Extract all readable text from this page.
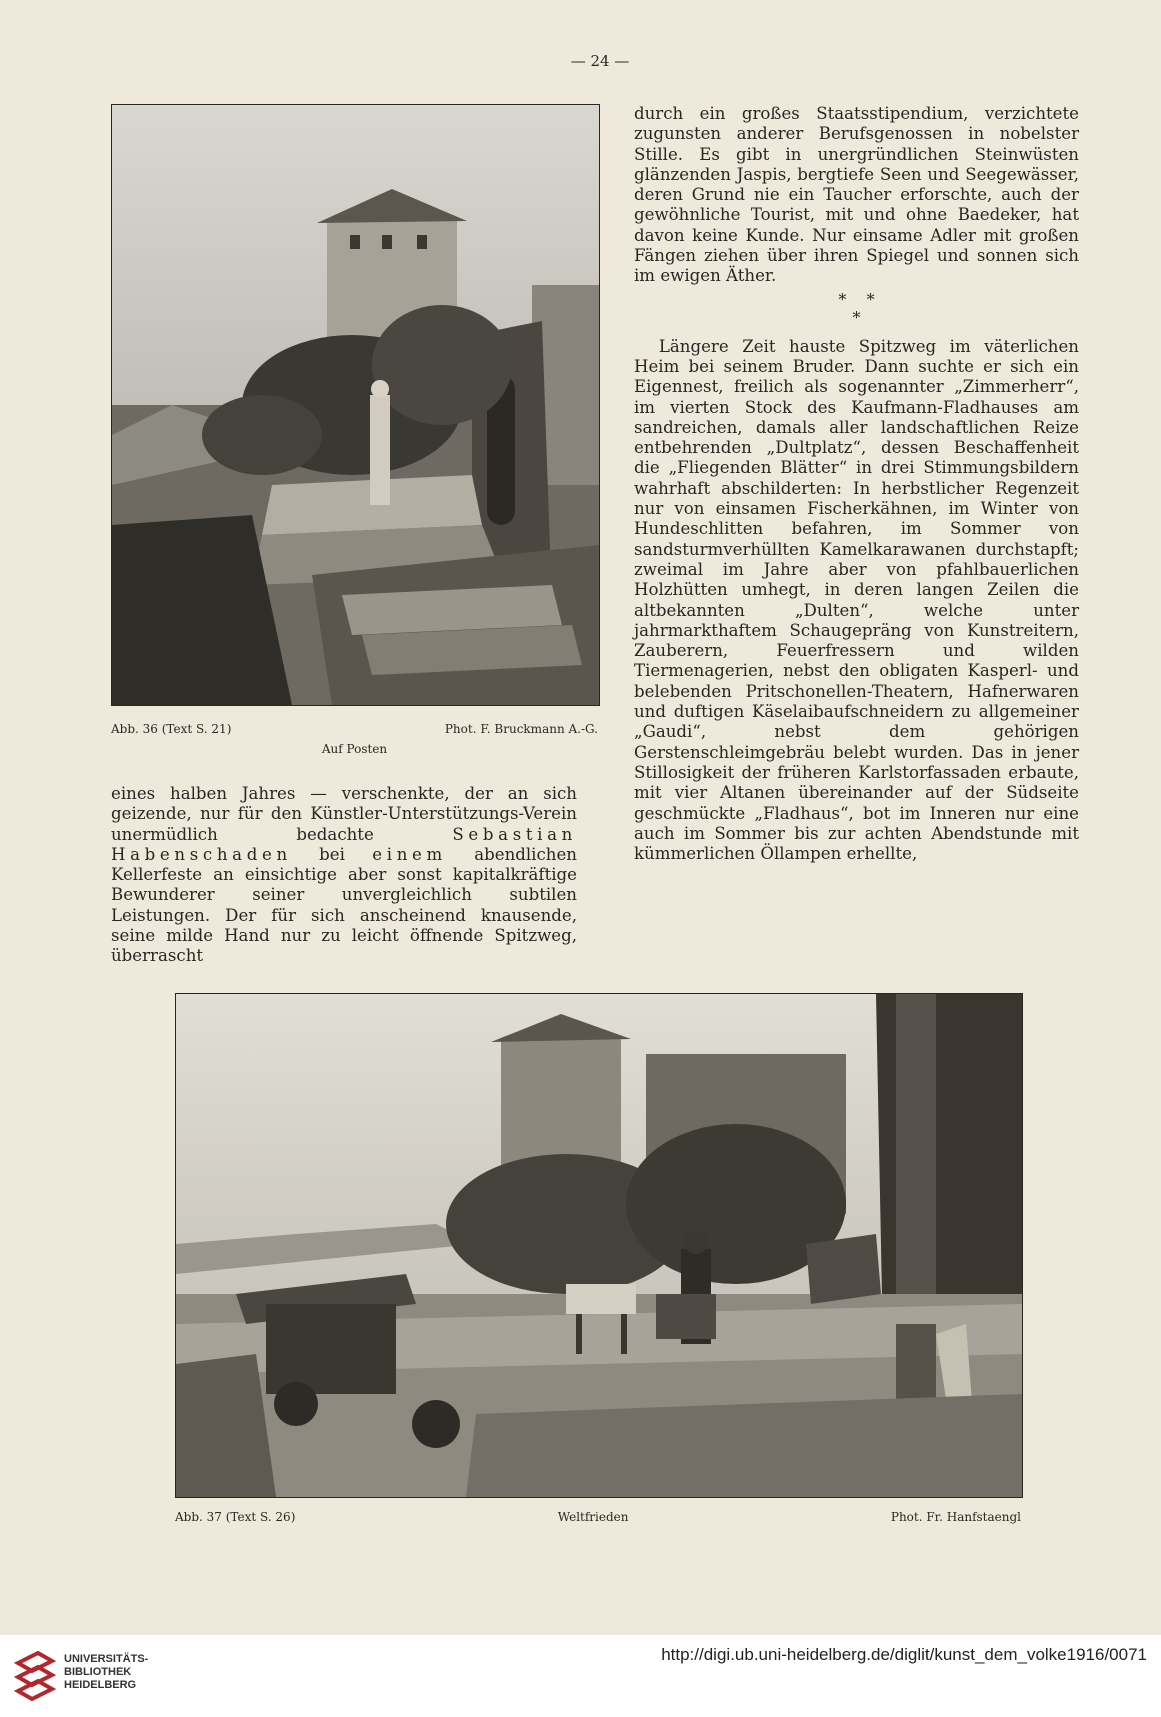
— 24 —
Abb. 36 (Text S. 21)	Phot. F. Bruckmann A.-G.
Auf Posten

eines halben Jahres — verschenkte, der an sich geizende, nur für den Künstler-Unterstützungs-Verein unermüdlich bedachte	Sebastian Habenschaden bei einem abendlichen Kellerfeste an einsichtige aber sonst kapitalkräftige Bewunderer seiner unvergleichlich subtilen Leistungen. Der für sich anscheinend knausende, seine milde Hand nur zu leicht öffnende Spitzweg, überrascht

durch ein großes Staatsstipendium, verzichtete zugunsten anderer Berufsgenossen in nobelster Stille. Es gibt in unergründlichen Steinwüsten glänzenden Jaspis, bergtiefe Seen und Seegewässer, deren Grund nie ein Taucher erforschte, auch der gewöhnliche Tourist, mit und ohne Baedeker, hat davon keine Kunde. Nur einsame Adler mit großen Fängen ziehen über ihren Spiegel und sonnen sich im ewigen Äther.

*    *
*

Längere Zeit hauste Spitzweg im väterlichen Heim bei seinem Bruder. Dann suchte er sich ein Eigennest, freilich als sogenannter „Zimmerherr“, im vierten Stock des Kaufmann-Fladhauses am sandreichen, damals aller landschaftlichen Reize entbehrenden „Dultplatz“, dessen Beschaffenheit die „Fliegenden Blätter“ in drei Stimmungsbildern wahrhaft abschilderten: In herbstlicher Regenzeit nur von einsamen Fischerkähnen, im Winter von Hundeschlitten befahren, im Sommer von sandsturmverhüllten Kamelkarawanen durchstapft; zweimal im Jahre aber von pfahlbauerlichen Holzhütten umhegt, in deren langen Zeilen die altbekannten „Dulten“, welche unter jahrmarkthaftem Schaugepräng von Kunstreitern, Zauberern, Feuerfressern und wilden Tiermenagerien, nebst den obligaten Kasperl- und belebenden Pritschonellen-Theatern, Hafnerwaren und duftigen Käselaibaufschneidern zu allgemeiner „Gaudi“, nebst dem gehörigen Gerstenschleimgebräu belebt wurden. Das in jener Stillosigkeit der früheren Karlstorfassaden erbaute, mit vier Altanen übereinander auf der Südseite geschmückte „Fladhaus“, bot im Inneren nur eine auch im Sommer bis zur achten Abendstunde mit kümmerlichen Öllampen erhellte,

Abb. 37 (Text S. 26)	Weltfrieden	Phot. Fr. Hanfstaengl
UNIVERSITÄTS-
BIBLIOTHEK
HEIDELBERG
http://digi.ub.uni-heidelberg.de/diglit/kunst_dem_volke1916/0071
